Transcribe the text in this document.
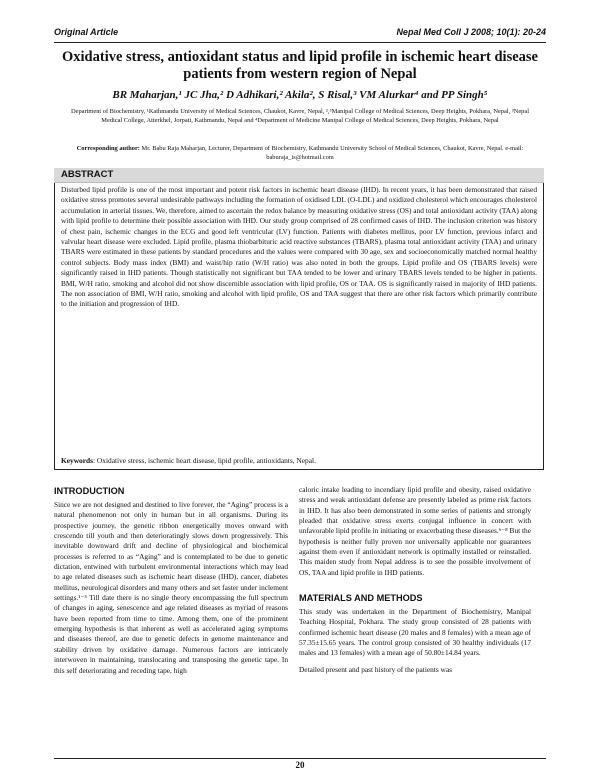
Original Article	Nepal Med Coll J 2008; 10(1): 20-24
Oxidative stress, antioxidant status and lipid profile in ischemic heart disease patients from western region of Nepal
BR Maharjan,¹ JC Jha,² D Adhikari,² Akila², S Risal,³ VM Alurkar⁴ and PP Singh⁵
Department of Biochemistry, ¹Kathmandu University of Medical Sciences, Chaukot, Kavre, Nepal, ²,⁵Manipal College of Medical Sciences, Deep Heights, Pokhara, Nepal, ³Nepal Medical College, Atterkhel, Jorpati, Kathmandu, Nepal and ⁴Department of Medicine Manipal College of Medical Sciences, Deep Heights, Pokhara, Nepal
Corresponding author: Mr. Babu Raja Maharjan, Lecturer, Department of Biochemistry, Kathmandu University School of Medical Sciences, Chaukot, Kavre, Nepal. e-mail: baburaja_is@hotmail.com
ABSTRACT
Disturbed lipid profile is one of the most important and potent risk factors in ischemic heart disease (IHD). In recent years, it has been demonstrated that raised oxidative stress promotes several undesirable pathways including the formation of oxidised LDL (O-LDL) and oxidized cholesterol which encourages cholesterol accumulation in arterial tissues. We, therefore, aimed to ascertain the redox balance by measuring oxidative stress (OS) and total antioxidant activity (TAA) along with lipid profile to determine their possible association with IHD. Our study group comprised of 28 confirmed cases of IHD. The inclusion criterion was history of chest pain, ischemic changes in the ECG and good left ventricular (LV) function. Patients with diabetes mellitus, poor LV function, previous infarct and valvular heart disease were excluded. Lipid profile, plasma thiobarbituric acid reactive substances (TBARS), plasma total antioxidant activity (TAA) and urinary TBARS were estimated in these patients by standard procedures and the values were compared with 30 age, sex and socioeconomically matched normal healthy control subjects. Body mass index (BMI) and waist/hip ratio (W/H ratio) was also noted in both the groups. Lipid profile and OS (TBARS levels) were significantly raised in IHD patients. Though statistically not significant but TAA tended to be lower and urinary TBARS levels tended to be higher in patients. BMI, W/H ratio, smoking and alcohol did not show discernible association with lipid profile, OS or TAA. OS is significantly raised in majority of IHD patients. The non association of BMI, W/H ratio, smoking and alcohol with lipid profile, OS and TAA suggest that there are other risk factors which primarily contribute to the initiation and progression of IHD.
Keywords: Oxidative stress, ischemic heart disease, lipid profile, antioxidants, Nepal.
INTRODUCTION
Since we are not designed and destined to live forever, the “Aging” process is a natural phenomenon not only in human but in all organisms. During its prospective journey, the genetic ribbon energetically moves onward with crescendo till youth and then deterioratingly slows down progressively. This inevitable downward drift and decline of physiological and biochemical processes is referred to as “Aging” and is contemplated to be due to genetic dictation, entwined with turbulent environmental interactions which may lead to age related diseases such as ischemic heart disease (IHD), cancer, diabetes mellitus, neurological disorders and many others and set faster under inclement settings.¹⁻⁵ Till date there is no single theory encompassing the full spectrum of changes in aging, senescence and age related diseases as myriad of reasons have been reported from time to time. Among them, one of the prominent emerging hypothesis is that inherent as well as accelerated aging symptoms and diseases thereof, are due to genetic defects in genome maintenance and stability driven by oxidative damage. Numerous factors are intricately interwoven in maintaining, translocating and transposing the genetic tape. In this self deteriorating and receding tape, high
caloric intake leading to incendiary lipid profile and obesity, raised oxidative stress and weak antioxidant defense are presently labeled as prime risk factors in IHD. It has also been demonstrated in some series of patients and strongly pleaded that oxidative stress exerts conjugal influence in concert with unfavorable lipid profile in initiating or exacerbating these diseases.⁶⁻⁸ But the hypothesis is neither fully proven nor universally applicable nor guarantees against them even if antioxidant network is optimally installed or reinstalled. This maiden study from Nepal address is to see the possible involvement of OS, TAA and lipid profile in IHD patients.
MATERIALS AND METHODS
This study was undertaken in the Department of Biochemistry, Manipal Teaching Hospital, Pokhara. The study group consisted of 28 patients with confirmed ischemic heart disease (20 males and 8 females) with a mean age of 57.35±15.65 years. The control group consisted of 30 healthy individuals (17 males and 13 females) with a mean age of 50.80±14.84 years.
Detailed present and past history of the patients was
20
